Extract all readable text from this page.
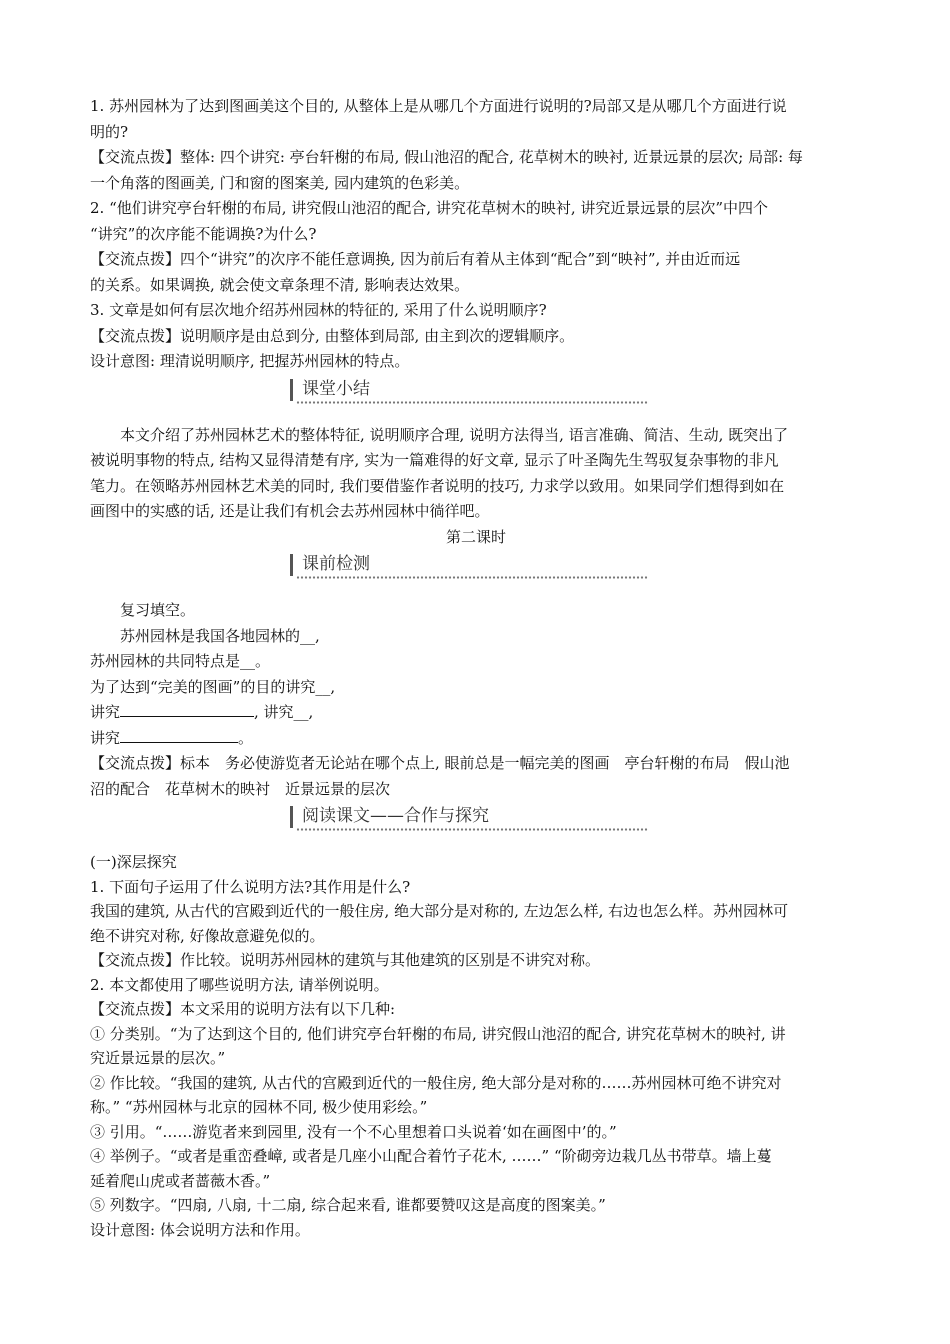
1. 苏州园林为了达到图画美这个目的, 从整体上是从哪几个方面进行说明的?局部又是从哪几个方面进行说
明的?

【交流点拨】整体: 四个讲究: 亭台轩榭的布局, 假山池沼的配合, 花草树木的映衬, 近景远景的层次; 局部: 每
一个角落的图画美, 门和窗的图案美, 园内建筑的色彩美。

2. “他们讲究亭台轩榭的布局, 讲究假山池沼的配合, 讲究花草树木的映衬, 讲究近景远景的层次”中四个
“讲究”的次序能不能调换?为什么?

【交流点拨】四个“讲究”的次序不能任意调换, 因为前后有着从主体到“配合”到“映衬”, 并由近而远
的关系。如果调换, 就会使文章条理不清, 影响表达效果。

3. 文章是如何有层次地介绍苏州园林的特征的, 采用了什么说明顺序?

【交流点拨】说明顺序是由总到分, 由整体到局部, 由主到次的逻辑顺序。

设计意图: 理清说明顺序, 把握苏州园林的特点。

课堂小结

本文介绍了苏州园林艺术的整体特征, 说明顺序合理, 说明方法得当, 语言准确、简洁、生动, 既突出了
被说明事物的特点, 结构又显得清楚有序, 实为一篇难得的好文章, 显示了叶圣陶先生驾驭复杂事物的非凡
笔力。在领略苏州园林艺术美的同时, 我们要借鉴作者说明的技巧, 力求学以致用。如果同学们想得到如在
画图中的实感的话, 还是让我们有机会去苏州园林中徜徉吧。

第二课时

课前检测

复习填空。

苏州园林是我国各地园林的__,

苏州园林的共同特点是__。

为了达到“完美的图画”的目的讲究__,

讲究	, 讲究__,

讲究	。

【交流点拨】标本　务必使游览者无论站在哪个点上, 眼前总是一幅完美的图画　亭台轩榭的布局　假山池
沼的配合　花草树木的映衬　近景远景的层次

阅读课文——合作与探究

(一)深层探究

1. 下面句子运用了什么说明方法?其作用是什么?

我国的建筑, 从古代的宫殿到近代的一般住房, 绝大部分是对称的, 左边怎么样, 右边也怎么样。苏州园林可
绝不讲究对称, 好像故意避免似的。

【交流点拨】作比较。说明苏州园林的建筑与其他建筑的区别是不讲究对称。

2. 本文都使用了哪些说明方法, 请举例说明。

【交流点拨】本文采用的说明方法有以下几种:

① 分类别。“为了达到这个目的, 他们讲究亭台轩榭的布局, 讲究假山池沼的配合, 讲究花草树木的映衬, 讲
究近景远景的层次。”

② 作比较。“我国的建筑, 从古代的宫殿到近代的一般住房, 绝大部分是对称的……苏州园林可绝不讲究对
称。” “苏州园林与北京的园林不同, 极少使用彩绘。”

③ 引用。“……游览者来到园里, 没有一个不心里想着口头说着‘如在画图中’的。”

④ 举例子。“或者是重峦叠嶂, 或者是几座小山配合着竹子花木, ……” “阶砌旁边栽几丛书带草。墙上蔓
延着爬山虎或者蔷薇木香。”

⑤ 列数字。“四扇, 八扇, 十二扇, 综合起来看, 谁都要赞叹这是高度的图案美。”

设计意图: 体会说明方法和作用。
